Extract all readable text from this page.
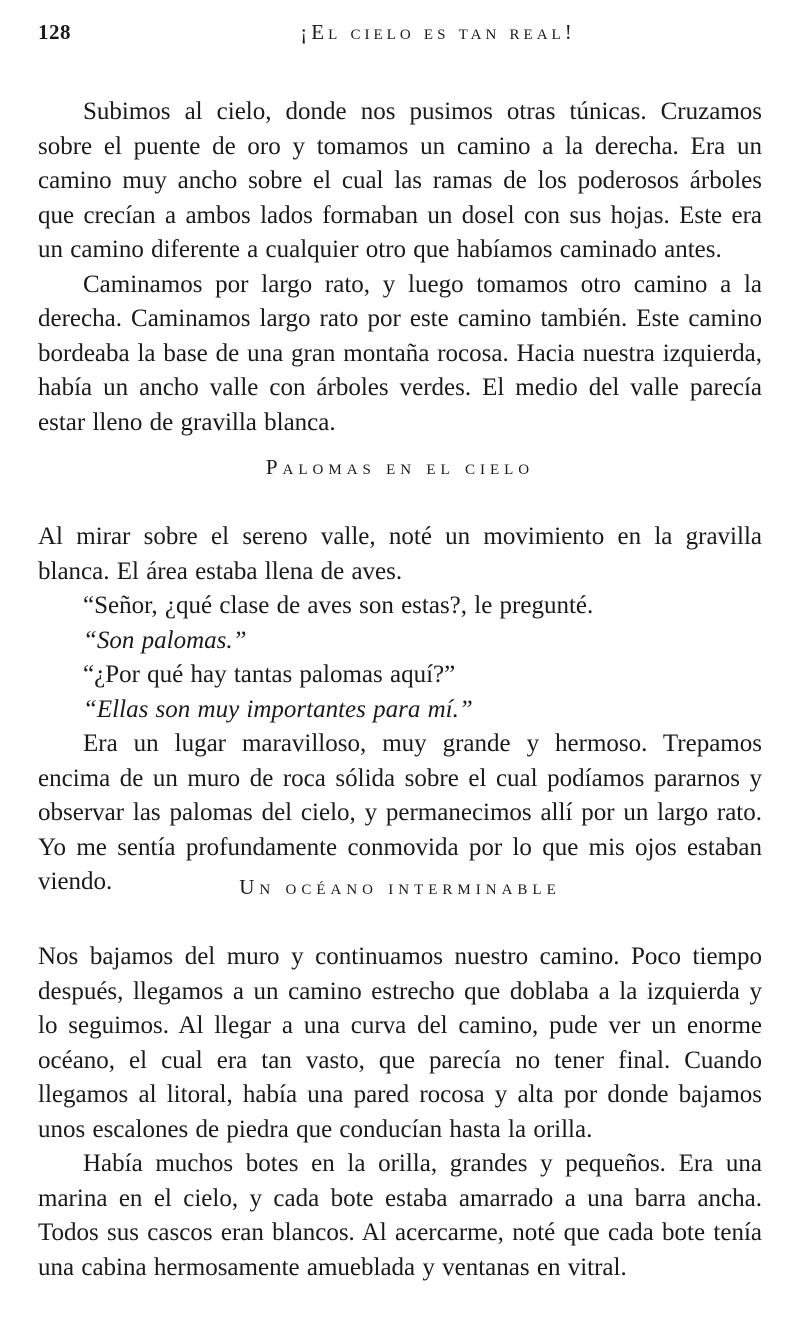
128	¡El cielo es tan real!

Subimos al cielo, donde nos pusimos otras túnicas. Cruzamos sobre el puente de oro y tomamos un camino a la derecha. Era un camino muy ancho sobre el cual las ramas de los poderosos árboles que crecían a ambos lados formaban un dosel con sus hojas. Este era un camino diferente a cualquier otro que habíamos caminado antes.

Caminamos por largo rato, y luego tomamos otro camino a la derecha. Caminamos largo rato por este camino también. Este camino bordeaba la base de una gran montaña rocosa. Hacia nuestra izquierda, había un ancho valle con árboles verdes. El medio del valle parecía estar lleno de gravilla blanca.

Palomas en el cielo

Al mirar sobre el sereno valle, noté un movimiento en la gravilla blanca. El área estaba llena de aves.

“Señor, ¿qué clase de aves son estas?, le pregunté.

“Son palomas.”

“¿Por qué hay tantas palomas aquí?”

“Ellas son muy importantes para mí.”

Era un lugar maravilloso, muy grande y hermoso. Trepamos encima de un muro de roca sólida sobre el cual podíamos pararnos y observar las palomas del cielo, y permanecimos allí por un largo rato. Yo me sentía profundamente conmovida por lo que mis ojos estaban viendo.	Un océano interminable

Nos bajamos del muro y continuamos nuestro camino. Poco tiempo después, llegamos a un camino estrecho que doblaba a la izquierda y lo seguimos. Al llegar a una curva del camino, pude ver un enorme océano, el cual era tan vasto, que parecía no tener final. Cuando llegamos al litoral, había una pared rocosa y alta por donde bajamos unos escalones de piedra que conducían hasta la orilla.

Había muchos botes en la orilla, grandes y pequeños. Era una marina en el cielo, y cada bote estaba amarrado a una barra ancha. Todos sus cascos eran blancos. Al acercarme, noté que cada bote tenía una cabina hermosamente amueblada y ventanas en vitral.
